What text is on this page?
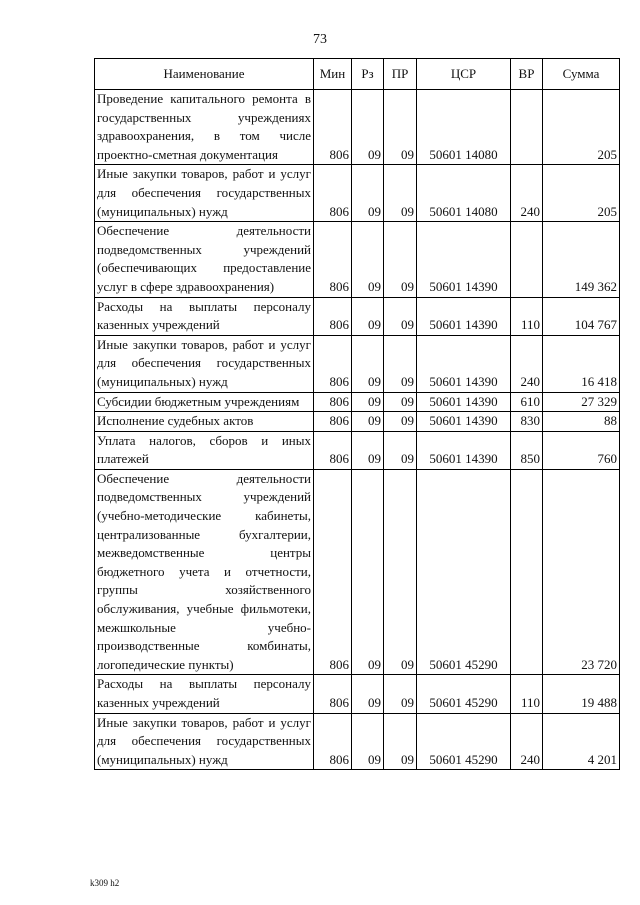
73
Наименование	Мин	Рз	ПР	ЦСР	ВР	Сумма
Проведение капитального ремонта в государственных учреждениях здравоохранения, в том числе проектно-сметная документация	806	09	09	50601 14080		205
Иные закупки товаров, работ и услуг для обеспечения государственных (муниципальных) нужд	806	09	09	50601 14080	240	205
Обеспечение деятельности подведомственных учреждений (обеспечивающих предоставление услуг в сфере здравоохранения)	806	09	09	50601 14390		149 362
Расходы на выплаты персоналу казенных учреждений	806	09	09	50601 14390	110	104 767
Иные закупки товаров, работ и услуг для обеспечения государственных (муниципальных) нужд	806	09	09	50601 14390	240	16 418
Субсидии бюджетным учреждениям	806	09	09	50601 14390	610	27 329
Исполнение судебных актов	806	09	09	50601 14390	830	88
Уплата налогов, сборов и иных платежей	806	09	09	50601 14390	850	760
Обеспечение деятельности подведомственных учреждений (учебно-методические кабинеты, централизованные бухгалтерии, межведомственные центры бюджетного учета и отчетности, группы хозяйственного обслуживания, учебные фильмотеки, межшкольные учебно-производственные комбинаты, логопедические пункты)	806	09	09	50601 45290		23 720
Расходы на выплаты персоналу казенных учреждений	806	09	09	50601 45290	110	19 488
Иные закупки товаров, работ и услуг для обеспечения государственных (муниципальных) нужд	806	09	09	50601 45290	240	4 201
k309 h2
